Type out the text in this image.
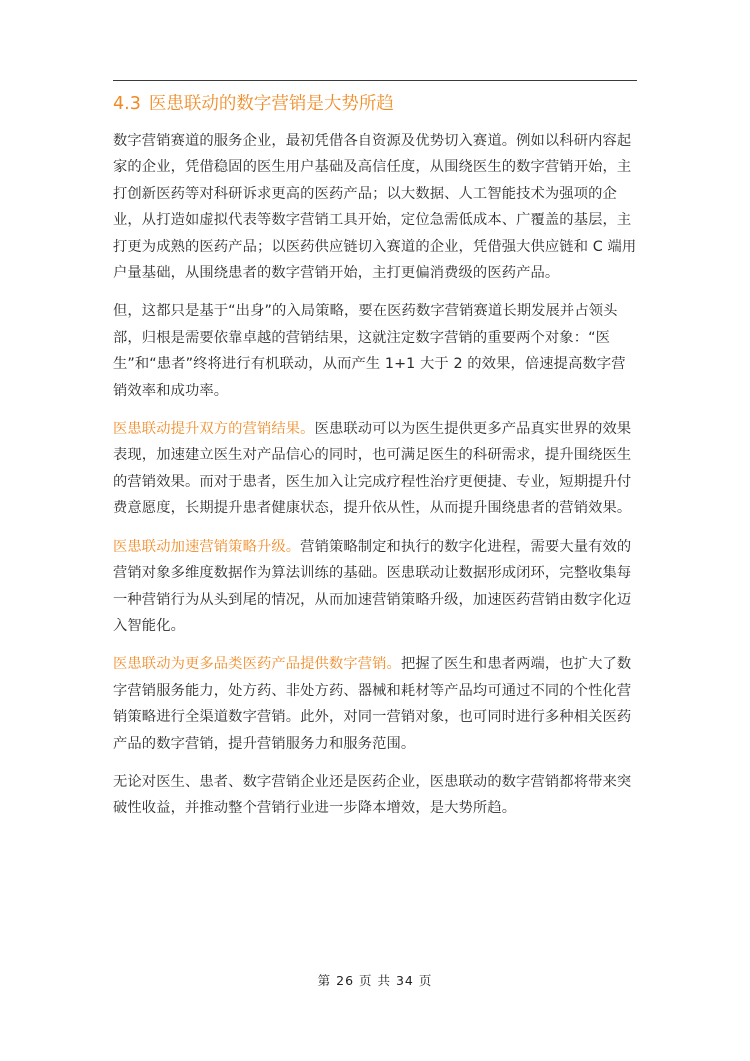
4.3 医患联动的数字营销是大势所趋

数字营销赛道的服务企业，最初凭借各自资源及优势切入赛道。例如以科研内容起家的企业，凭借稳固的医生用户基础及高信任度，从围绕医生的数字营销开始，主打创新医药等对科研诉求更高的医药产品；以大数据、人工智能技术为强项的企业，从打造如虚拟代表等数字营销工具开始，定位急需低成本、广覆盖的基层，主打更为成熟的医药产品；以医药供应链切入赛道的企业，凭借强大供应链和 C 端用户量基础，从围绕患者的数字营销开始，主打更偏消费级的医药产品。

但，这都只是基于“出身”的入局策略，要在医药数字营销赛道长期发展并占领头部，归根是需要依靠卓越的营销结果，这就注定数字营销的重要两个对象：“医生”和“患者”终将进行有机联动，从而产生 1+1 大于 2 的效果，倍速提高数字营销效率和成功率。

医患联动提升双方的营销结果。医患联动可以为医生提供更多产品真实世界的效果表现，加速建立医生对产品信心的同时，也可满足医生的科研需求，提升围绕医生的营销效果。而对于患者，医生加入让完成疗程性治疗更便捷、专业，短期提升付费意愿度，长期提升患者健康状态，提升依从性，从而提升围绕患者的营销效果。

医患联动加速营销策略升级。营销策略制定和执行的数字化进程，需要大量有效的营销对象多维度数据作为算法训练的基础。医患联动让数据形成闭环，完整收集每一种营销行为从头到尾的情况，从而加速营销策略升级，加速医药营销由数字化迈入智能化。

医患联动为更多品类医药产品提供数字营销。把握了医生和患者两端，也扩大了数字营销服务能力，处方药、非处方药、器械和耗材等产品均可通过不同的个性化营销策略进行全渠道数字营销。此外，对同一营销对象，也可同时进行多种相关医药产品的数字营销，提升营销服务力和服务范围。

无论对医生、患者、数字营销企业还是医药企业，医患联动的数字营销都将带来突破性收益，并推动整个营销行业进一步降本增效，是大势所趋。

第 26 页 共 34 页
